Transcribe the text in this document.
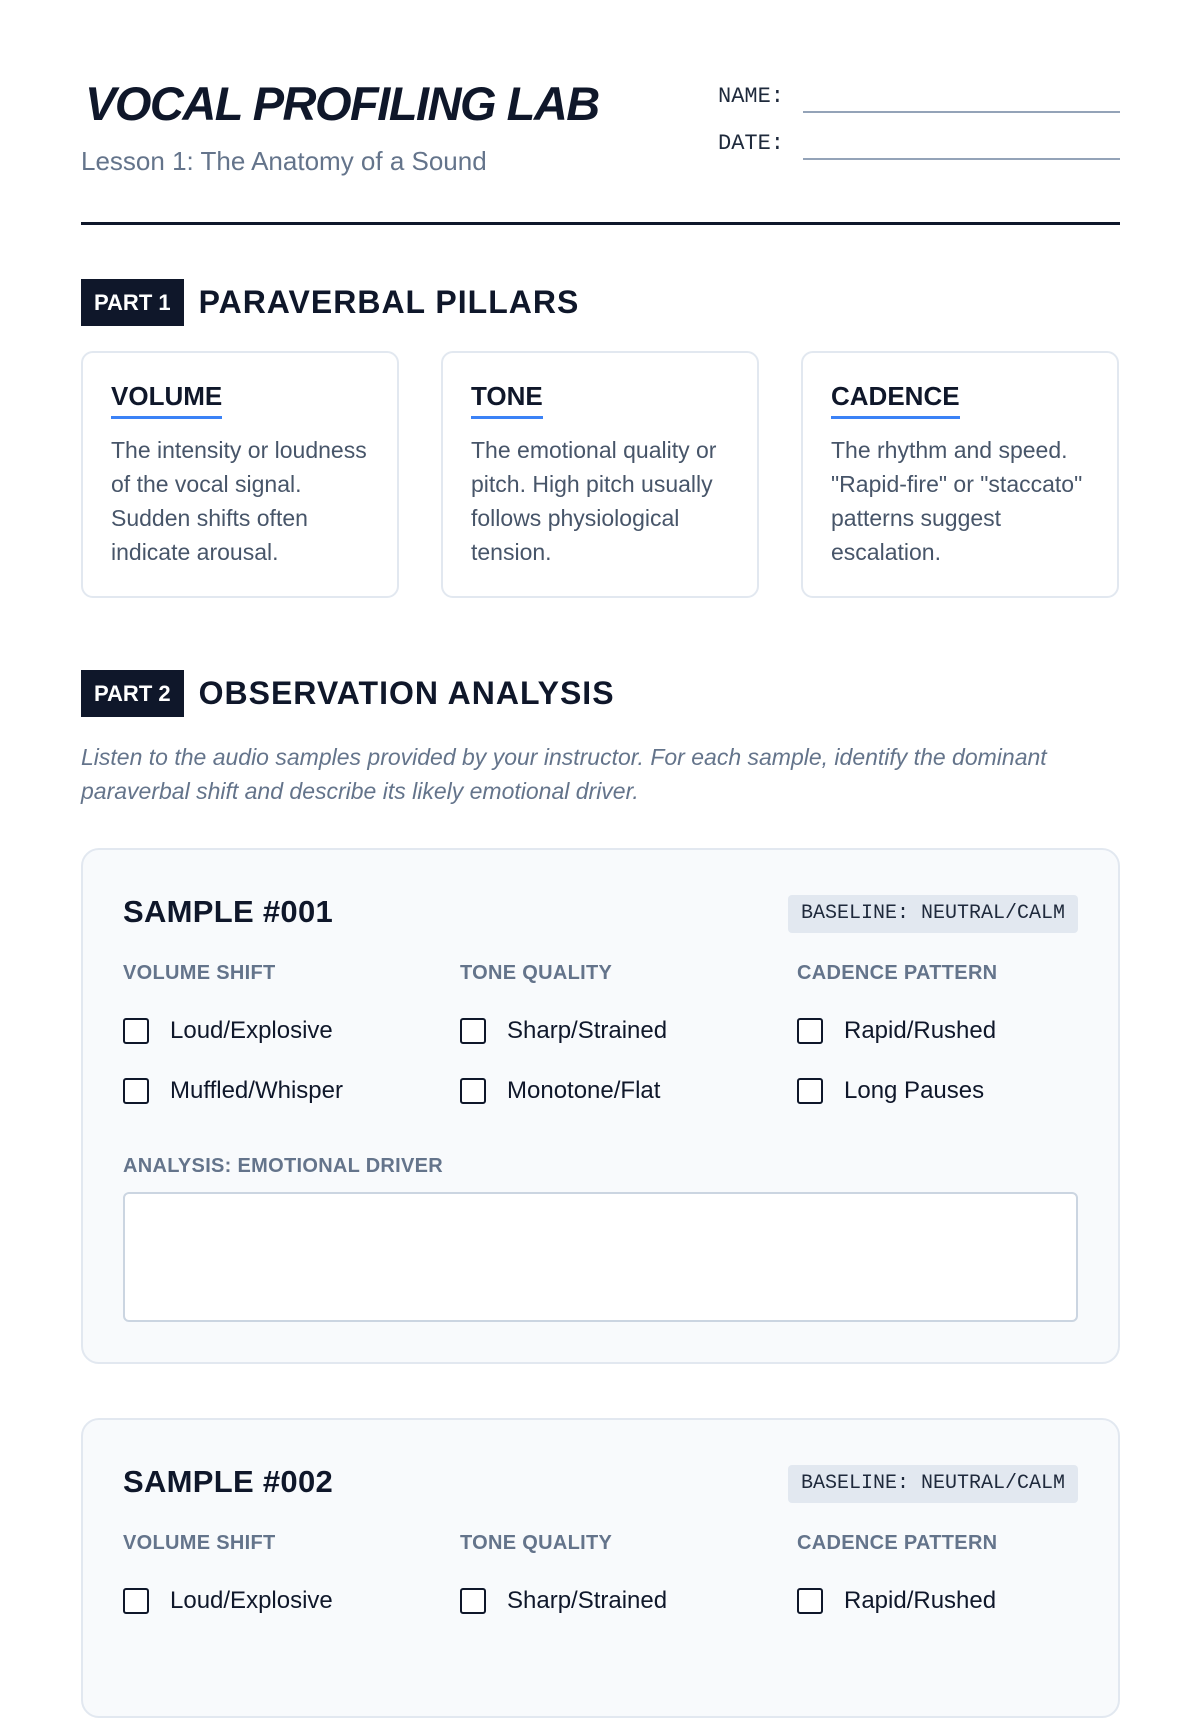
VOCAL PROFILING LAB
Lesson 1: The Anatomy of a Sound
NAME:
DATE:
PART 1 PARAVERBAL PILLARS
VOLUME

The intensity or loudness of the vocal signal. Sudden shifts often indicate arousal.

TONE

The emotional quality or pitch. High pitch usually follows physiological tension.

CADENCE

The rhythm and speed. "Rapid-fire" or "staccato" patterns suggest escalation.

PART 2 OBSERVATION ANALYSIS

Listen to the audio samples provided by your instructor. For each sample, identify the dominant paraverbal shift and describe its likely emotional driver.

SAMPLE #001	BASELINE: NEUTRAL/CALM
VOLUME SHIFT
Loud/Explosive
Muffled/Whisper
TONE QUALITY
Sharp/Strained
Monotone/Flat
CADENCE PATTERN
Rapid/Rushed
Long Pauses
ANALYSIS: EMOTIONAL DRIVER
SAMPLE #002	BASELINE: NEUTRAL/CALM
VOLUME SHIFT
Loud/Explosive
TONE QUALITY
Sharp/Strained
CADENCE PATTERN
Rapid/Rushed
